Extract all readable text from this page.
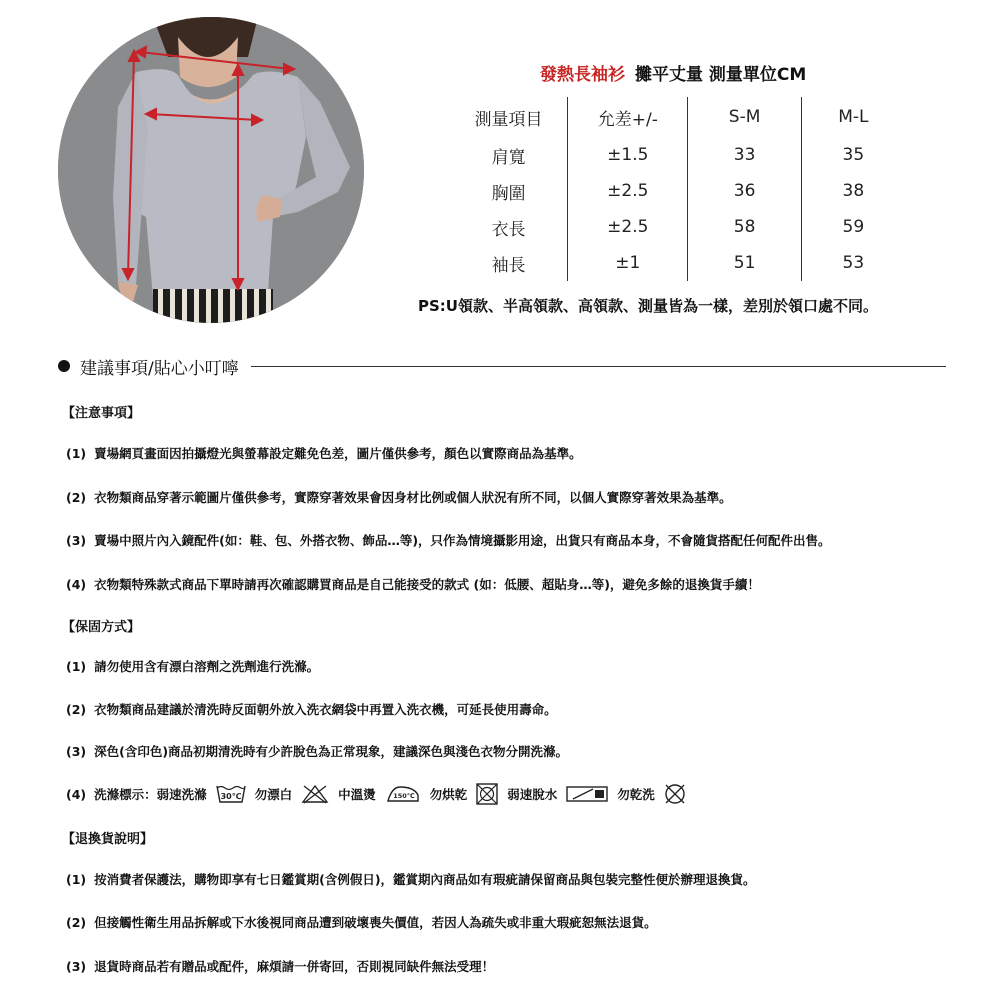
發熱長袖衫 攤平丈量 測量單位CM
測量項目	允差+/-	S-M	M-L
肩寬	±1.5	33	35
胸圍	±2.5	36	38
衣長	±2.5	58	59
袖長	±1	51	53
PS:U領款、半高領款、高領款、測量皆為一樣，差別於領口處不同。
建議事項/貼心小叮嚀
【注意事項】
(1) 賣場網頁畫面因拍攝燈光與螢幕設定難免色差，圖片僅供參考，顏色以實際商品為基準。
(2) 衣物類商品穿著示範圖片僅供參考，實際穿著效果會因身材比例或個人狀況有所不同，以個人實際穿著效果為基準。
(3) 賣場中照片內入鏡配件(如：鞋、包、外搭衣物、飾品…等)，只作為情境攝影用途，出貨只有商品本身，不會隨貨搭配任何配件出售。
(4) 衣物類特殊款式商品下單時請再次確認購買商品是自己能接受的款式 (如：低腰、超貼身…等)，避免多餘的退換貨手續！
【保固方式】
(1) 請勿使用含有漂白溶劑之洗劑進行洗滌。
(2) 衣物類商品建議於清洗時反面朝外放入洗衣網袋中再置入洗衣機，可延長使用壽命。
(3) 深色(含印色)商品初期清洗時有少許脫色為正常現象，建議深色與淺色衣物分開洗滌。
(4) 洗滌標示：弱速洗滌 30℃ 勿漂白	中溫燙	150℃ 勿烘乾	弱速脫水	勿乾洗
【退換貨說明】
(1) 按消費者保護法，購物即享有七日鑑賞期(含例假日)，鑑賞期內商品如有瑕疵請保留商品與包裝完整性便於辦理退換貨。
(2) 但接觸性衛生用品拆解或下水後視同商品遭到破壞喪失價值，若因人為疏失或非重大瑕疵恕無法退貨。
(3) 退貨時商品若有贈品或配件，麻煩請一併寄回，否則視同缺件無法受理！
